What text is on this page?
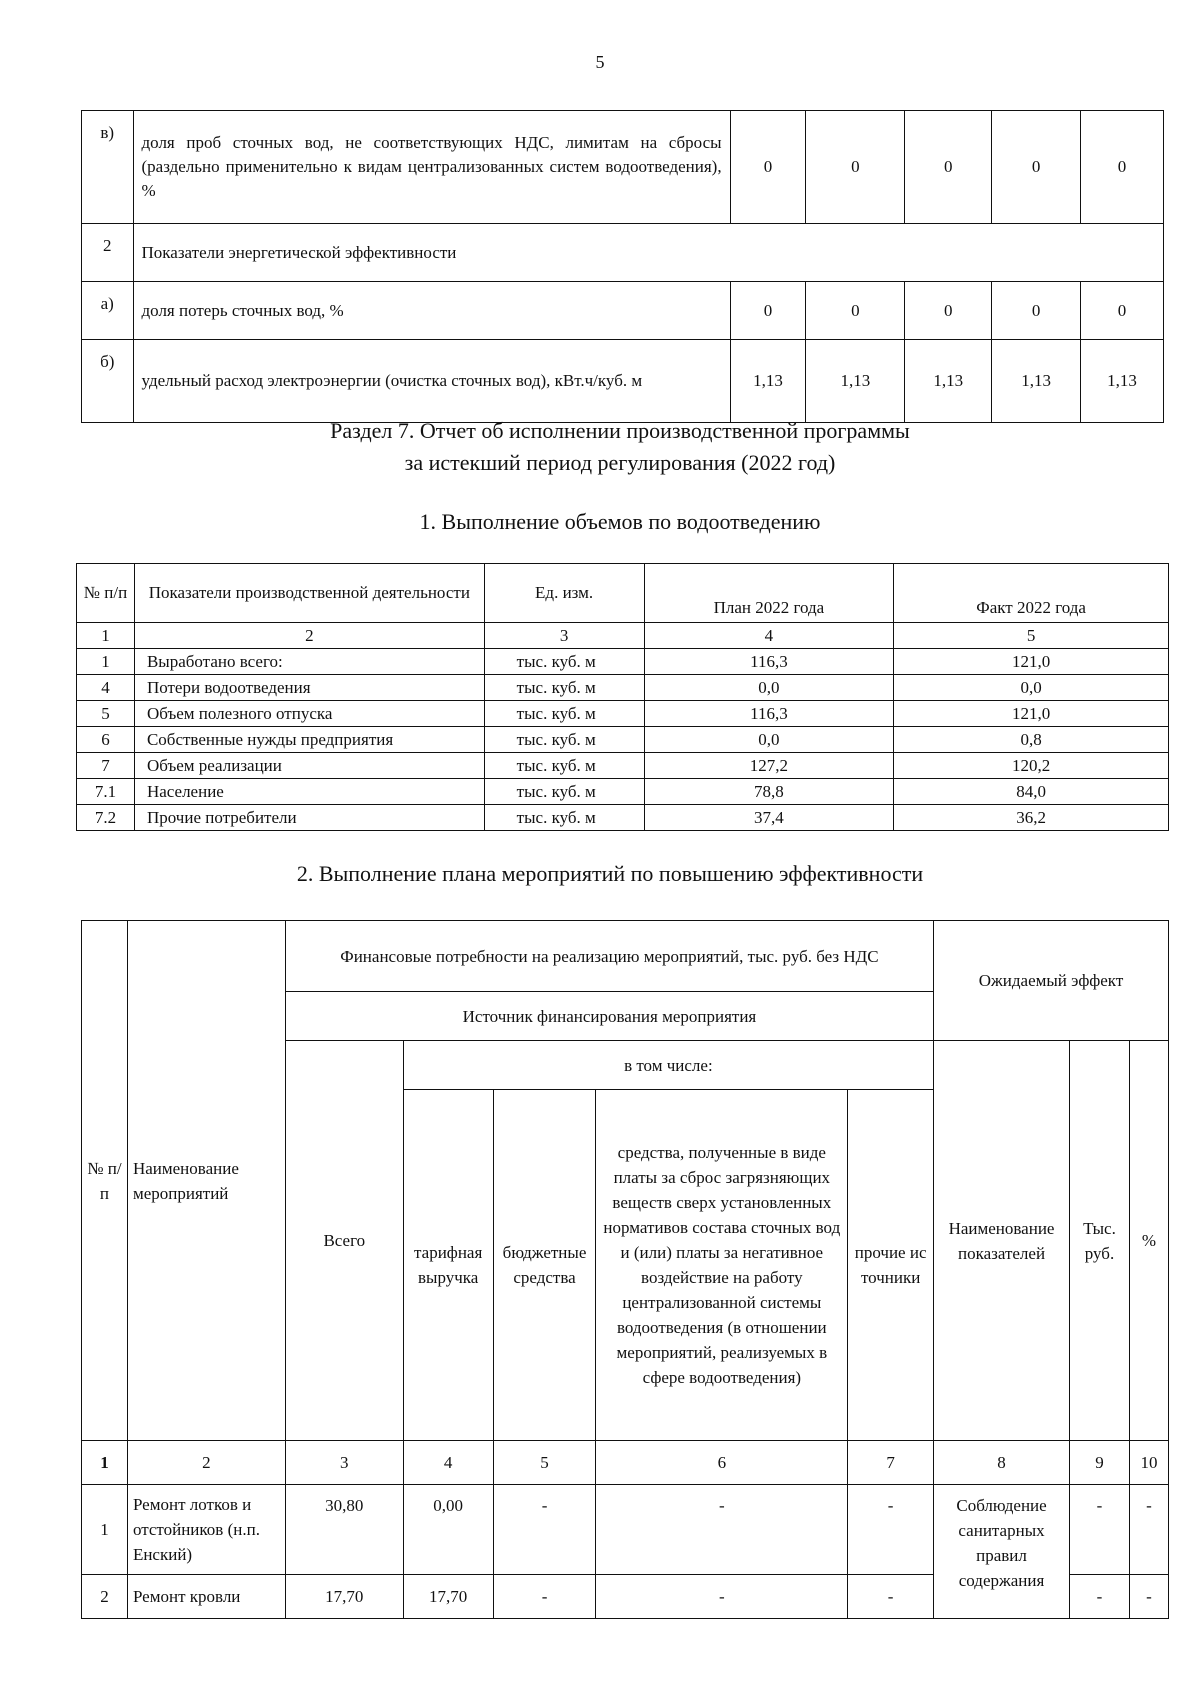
5
в)	доля проб сточных вод, не соответствующих НДС, лимитам на сбросы (раздельно применительно к видам централизованных систем водоотведения), %	0	0	0	0	0
2	Показатели энергетической эффективности					
а)	доля потерь сточных вод, %	0	0	0	0	0
б)	удельный расход электроэнергии (очистка сточных вод), кВт.ч/куб. м	1,13	1,13	1,13	1,13	1,13
Раздел 7. Отчет об исполнении производственной программы
за истекший период регулирования (2022 год)
1. Выполнение объемов по водоотведению
№ п/п	Показатели производственной деятельности	Ед. изм.	План 2022 года	Факт 2022 года
1	2	3	4	5
1	Выработано всего:	тыс. куб. м	116,3	121,0
4	Потери водоотведения	тыс. куб. м	0,0	0,0
5	Объем полезного отпуска	тыс. куб. м	116,3	121,0
6	Собственные нужды предприятия	тыс. куб. м	0,0	0,8
7	Объем реализации	тыс. куб. м	127,2	120,2
7.1	Население	тыс. куб. м	78,8	84,0
7.2	Прочие потребители	тыс. куб. м	37,4	36,2
2. Выполнение плана мероприятий по повышению эффективности
№ п/п	Наименование мероприятий	Финансовые потребности на реализацию мероприятий, тыс. руб. без НДС					Ожидаемый эффект		
		Источник финансирования мероприятия							
		Всего	в том числе:				Наименование показателей	Тыс. руб.	%
			тарифная выручка	бюджетные средства	средства, полученные в виде платы за сброс загрязняющих веществ сверх установленных нормативов состава сточных вод и (или) платы за негативное воздействие на работу централизованной системы водоотведения (в отношении мероприятий, реализуемых в сфере водоотведения)	прочие источники			
1	2	3	4	5	6	7	8	9	10
1	Ремонт лотков и отстойников (н.п. Енский)	30,80	0,00	-	-	-	Соблюдение санитарных правил содержания	-	-
2	Ремонт кровли	17,70	17,70	-	-	-		-	-
